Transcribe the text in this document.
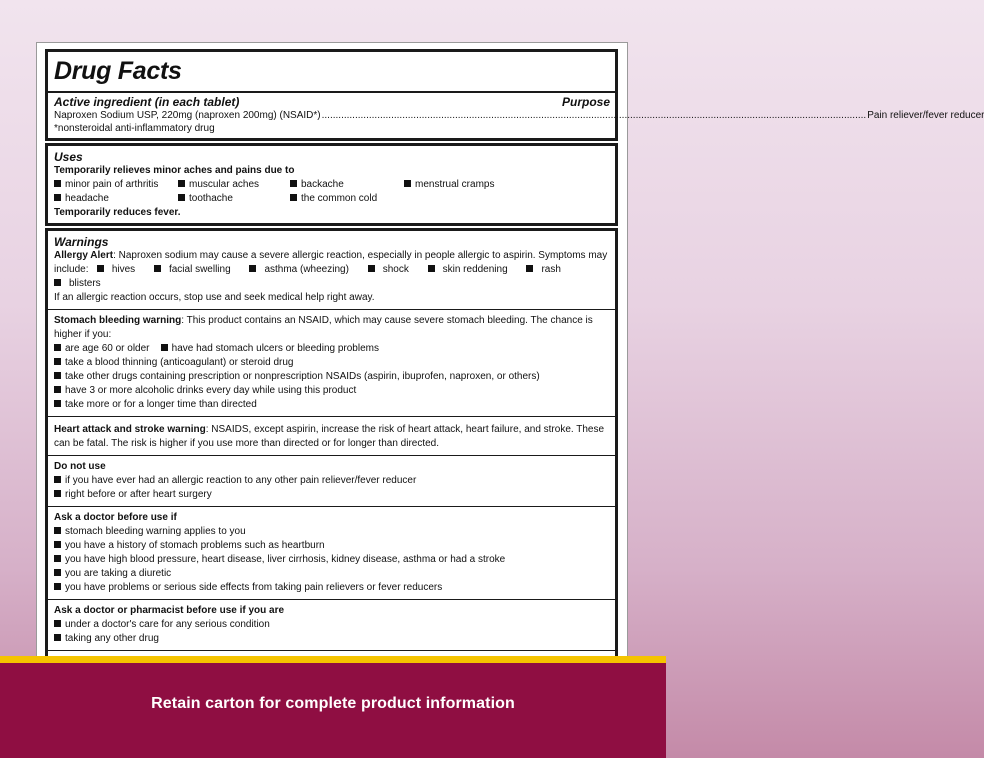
Drug Facts
Active ingredient (in each tablet)	Purpose
Naproxen Sodium USP, 220mg (naproxen 200mg) (NSAID*) .................................................................................................................................................................................................... Pain reliever/fever reducer
*nonsteroidal anti-inflammatory drug
Uses
Temporarily relieves minor aches and pains due to
minor pain of arthritis	muscular aches	backache	menstrual cramps
headache	toothache	the common cold
Temporarily reduces fever.
Warnings
Allergy Alert: Naproxen sodium may cause a severe allergic reaction, especially in people allergic to aspirin. Symptoms may include: hives	facial swelling	asthma (wheezing)	shock	skin reddening	rash blisters
If an allergic reaction occurs, stop use and seek medical help right away.
Stomach bleeding warning: This product contains an NSAID, which may cause severe stomach bleeding. The chance is higher if you:
are age 60 or older have had stomach ulcers or bleeding problems
take a blood thinning (anticoagulant) or steroid drug
take other drugs containing prescription or nonprescription NSAIDs (aspirin, ibuprofen, naproxen, or others)
have 3 or more alcoholic drinks every day while using this product
take more or for a longer time than directed
Heart attack and stroke warning: NSAIDS, except aspirin, increase the risk of heart attack, heart failure, and stroke. These can be fatal. The risk is higher if you use more than directed or for longer than directed.
Do not use
if you have ever had an allergic reaction to any other pain reliever/fever reducer
right before or after heart surgery
Ask a doctor before use if
stomach bleeding warning applies to you
you have a history of stomach problems such as heartburn
you have high blood pressure, heart disease, liver cirrhosis, kidney disease, asthma or had a stroke
you are taking a diuretic
you have problems or serious side effects from taking pain relievers or fever reducers
Ask a doctor or pharmacist before use if you are
under a doctor's care for any serious condition
taking any other drug
Retain carton for complete product information
